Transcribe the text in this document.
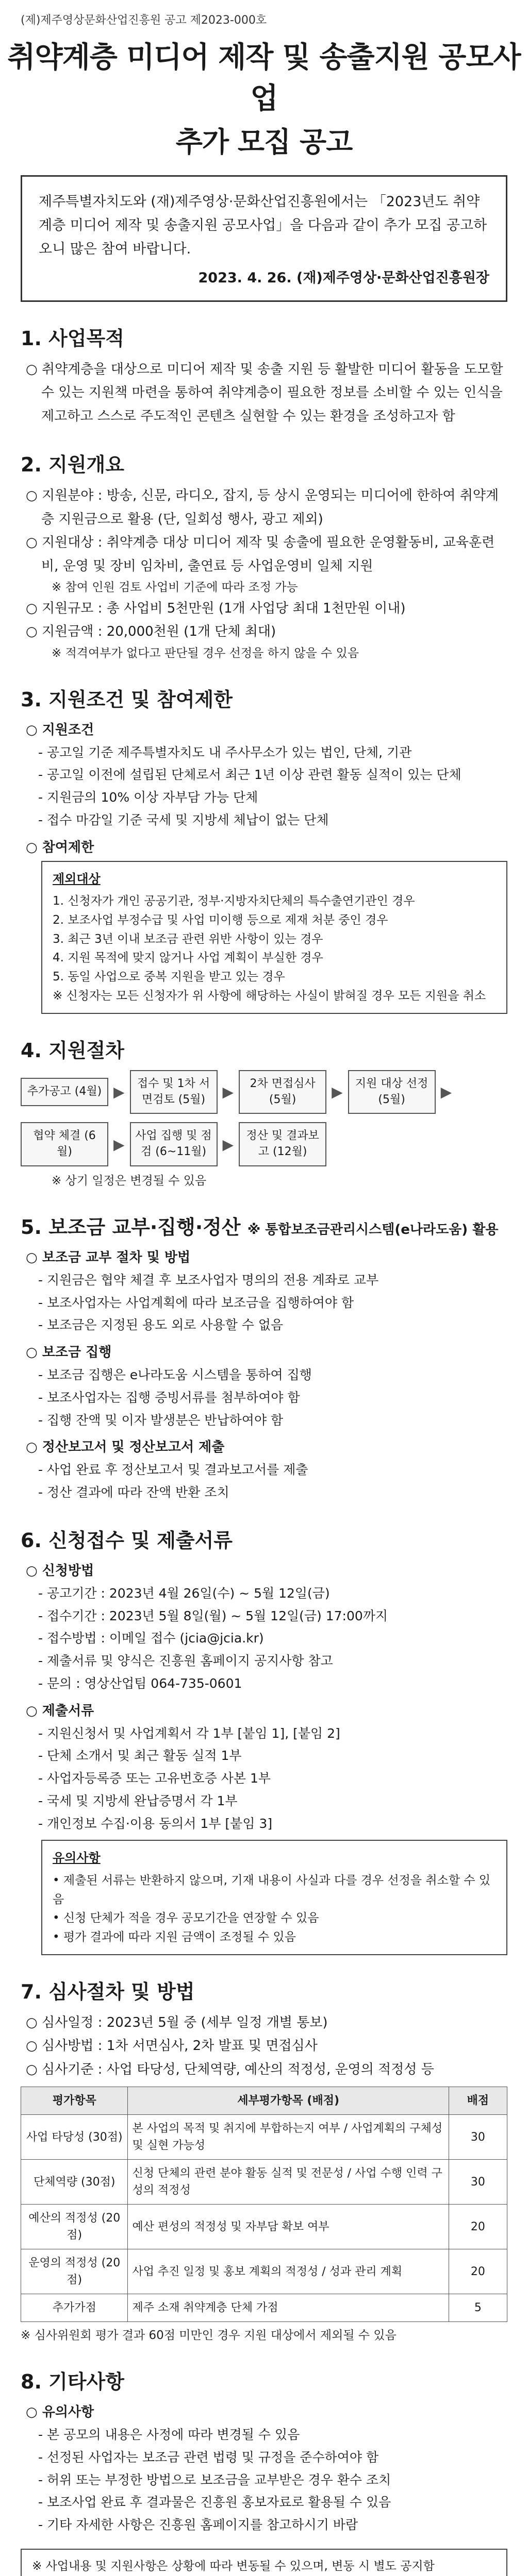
(제)제주영상문화산업진흥원 공고 제2023-000호
취약계층 미디어 제작 및 송출지원 공모사업
추가 모집 공고
제주특별자치도와 (재)제주영상·문화산업진흥원에서는 「2023년도 취약계층 미디어 제작 및 송출지원 공모사업」을 다음과 같이 추가 모집 공고하오니 많은 참여 바랍니다.
2023. 4. 26. (재)제주영상·문화산업진흥원장
1. 사업목적
○ 취약계층을 대상으로 미디어 제작 및 송출 지원 등 활발한 미디어 활동을 도모할 수 있는 지원책 마련을 통하여 취약계층이 필요한 정보를 소비할 수 있는 인식을 제고하고 스스로 주도적인 콘텐츠 실현할 수 있는 환경을 조성하고자 함
2. 지원개요
○ 지원분야 : 방송, 신문, 라디오, 잡지, 등 상시 운영되는 미디어에 한하여 취약계층 지원금으로 활용 (단, 일회성 행사, 광고 제외)
○ 지원대상 : 취약계층 대상 미디어 제작 및 송출에 필요한 운영활동비, 교육훈련비, 운영 및 장비 임차비, 출연료 등 사업운영비 일체 지원
※ 참여 인원 검토 사업비 기준에 따라 조정 가능
○ 지원규모 : 총 사업비 5천만원 (1개 사업당 최대 1천만원 이내)
○ 지원금액 : 20,000천원 (1개 단체 최대)
※ 적격여부가 없다고 판단될 경우 선정을 하지 않을 수 있음
3. 지원조건 및 참여제한
○ 지원조건
- 공고일 기준 제주특별자치도 내 주사무소가 있는 법인, 단체, 기관
- 공고일 이전에 설립된 단체로서 최근 1년 이상 관련 활동 실적이 있는 단체
- 지원금의 10% 이상 자부담 가능 단체
- 접수 마감일 기준 국세 및 지방세 체납이 없는 단체
○ 참여제한
제외대상
1. 신청자가 개인 공공기관, 정부·지방자치단체의 특수출연기관인 경우
2. 보조사업 부정수급 및 사업 미이행 등으로 제재 처분 중인 경우
3. 최근 3년 이내 보조금 관련 위반 사항이 있는 경우
4. 지원 목적에 맞지 않거나 사업 계획이 부실한 경우
5. 동일 사업으로 중복 지원을 받고 있는 경우
※ 신청자는 모든 신청자가 위 사항에 해당하는 사실이 밝혀질 경우 모든 지원을 취소
4. 지원절차
추가공고 (4월) ▶	접수 및 1차 서면검토 (5월)	▶	2차 면접심사 (5월)	▶	지원 대상 선정 (5월)	▶
협약 체결 (6월)	▶ 사업 집행 및 점검 (6~11월)	▶	정산 및 결과보고 (12월)
※ 상기 일정은 변경될 수 있음
5. 보조금 교부·집행·정산 ※ 통합보조금관리시스템(e나라도움) 활용
○ 보조금 교부 절차 및 방법
- 지원금은 협약 체결 후 보조사업자 명의의 전용 계좌로 교부
- 보조사업자는 사업계획에 따라 보조금을 집행하여야 함
- 보조금은 지정된 용도 외로 사용할 수 없음
○ 보조금 집행
- 보조금 집행은 e나라도움 시스템을 통하여 집행
- 보조사업자는 집행 증빙서류를 첨부하여야 함
- 집행 잔액 및 이자 발생분은 반납하여야 함
○ 정산보고서 및 정산보고서 제출
- 사업 완료 후 정산보고서 및 결과보고서를 제출
- 정산 결과에 따라 잔액 반환 조치
6. 신청접수 및 제출서류
○ 신청방법
- 공고기간 : 2023년 4월 26일(수) ~ 5월 12일(금)
- 접수기간 : 2023년 5월 8일(월) ~ 5월 12일(금) 17:00까지
- 접수방법 : 이메일 접수 (jcia@jcia.kr)
- 제출서류 및 양식은 진흥원 홈페이지 공지사항 참고
- 문의 : 영상산업팀 064-735-0601
○ 제출서류
- 지원신청서 및 사업계획서 각 1부 [붙임 1], [붙임 2]
- 단체 소개서 및 최근 활동 실적 1부
- 사업자등록증 또는 고유번호증 사본 1부
- 국세 및 지방세 완납증명서 각 1부
- 개인정보 수집·이용 동의서 1부 [붙임 3]
유의사항
• 제출된 서류는 반환하지 않으며, 기재 내용이 사실과 다를 경우 선정을 취소할 수 있음
• 신청 단체가 적을 경우 공모기간을 연장할 수 있음
• 평가 결과에 따라 지원 금액이 조정될 수 있음
7. 심사절차 및 방법
○ 심사일정 : 2023년 5월 중 (세부 일정 개별 통보)
○ 심사방법 : 1차 서면심사, 2차 발표 및 면접심사
○ 심사기준 : 사업 타당성, 단체역량, 예산의 적정성, 운영의 적정성 등
평가항목	세부평가항목 (배점)	배점
사업 타당성 (30점)	본 사업의 목적 및 취지에 부합하는지 여부 / 사업계획의 구체성 및 실현 가능성	30
단체역량 (30점)	신청 단체의 관련 분야 활동 실적 및 전문성 / 사업 수행 인력 구성의 적정성	30
예산의 적정성 (20점)	예산 편성의 적정성 및 자부담 확보 여부	20
운영의 적정성 (20점)	사업 추진 일정 및 홍보 계획의 적정성 / 성과 관리 계획	20
추가가점	제주 소재 취약계층 단체 가점	5
※ 심사위원회 평가 결과 60점 미만인 경우 지원 대상에서 제외될 수 있음
8. 기타사항
○ 유의사항
- 본 공모의 내용은 사정에 따라 변경될 수 있음
- 선정된 사업자는 보조금 관련 법령 및 규정을 준수하여야 함
- 허위 또는 부정한 방법으로 보조금을 교부받은 경우 환수 조치
- 보조사업 완료 후 결과물은 진흥원 홍보자료로 활용될 수 있음
- 기타 자세한 사항은 진흥원 홈페이지를 참고하시기 바람
※ 사업내용 및 지원사항은 상황에 따라 변동될 수 있으며, 변동 시 별도 공지함
